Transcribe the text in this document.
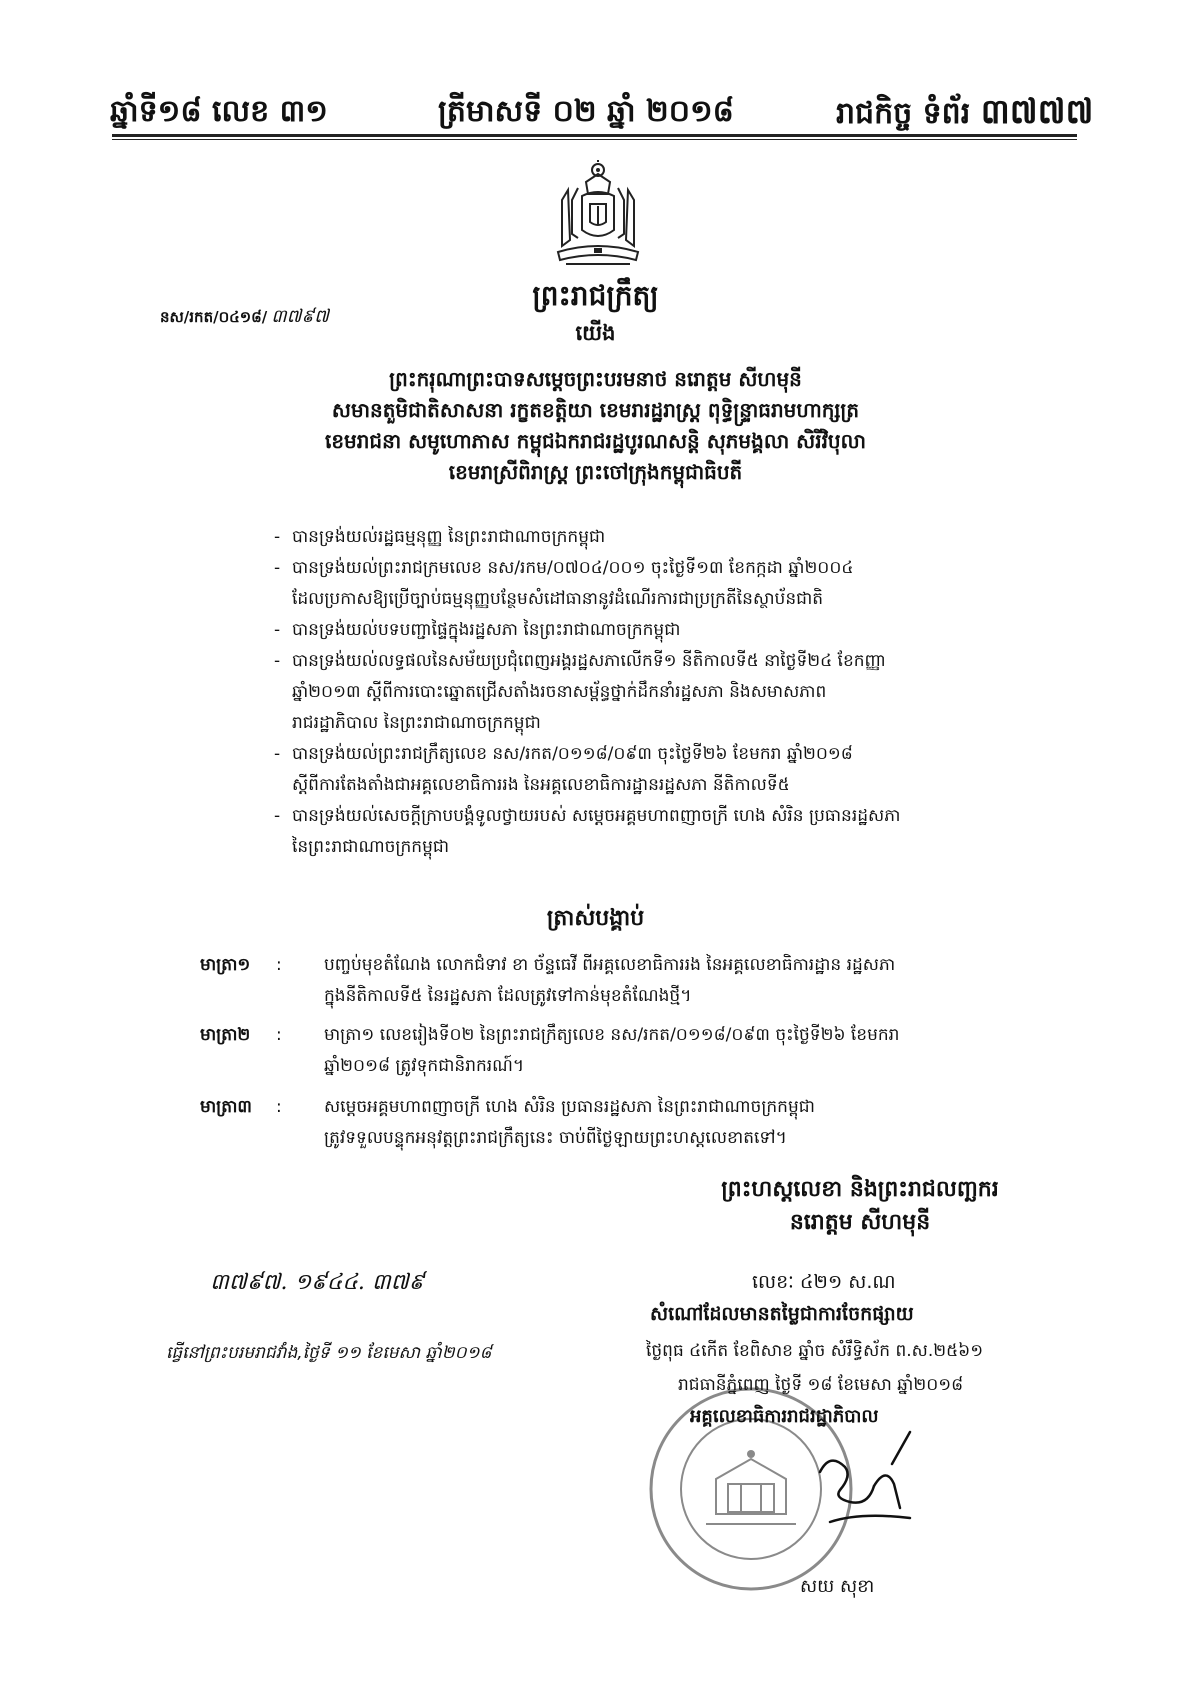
ឆ្នាំទី១៨ លេខ ៣១	ត្រីមាសទី ០២ ឆ្នាំ ២០១៨	រាជកិច្ច ទំព័រ ៣៧៧៧
នស/រកត/០៤១៨/ ៣៧៩៧
ព្រះរាជក្រឹត្យ
យើង
ព្រះករុណាព្រះបាទសម្តេចព្រះបរមនាថ នរោត្តម សីហមុនី
សមានតួមិជាតិសាសនា រក្ខតខត្តិយា ខេមរារដ្ឋរាស្ត្រ ពុទ្ធិន្ទ្រាធរាមហាក្សត្រ
ខេមរាជនា សមូហោភាស កម្ពុជឯករាជរដ្ឋបូរណសន្តិ សុភមង្គលា សិរីវិបុលា
ខេមរាស្រីពិរាស្ត្រ ព្រះចៅក្រុងកម្ពុជាធិបតី
- បានទ្រង់យល់រដ្ឋធម្មនុញ្ញ នៃព្រះរាជាណាចក្រកម្ពុជា
- បានទ្រង់យល់ព្រះរាជក្រមលេខ នស/រកម/០៧០៤/០០១ ចុះថ្ងៃទី១៣ ខែកក្កដា ឆ្នាំ២០០៤
ដែលប្រកាសឱ្យប្រើច្បាប់ធម្មនុញ្ញបន្ថែមសំដៅធានានូវដំណើរការជាប្រក្រតីនៃស្ថាប័នជាតិ
- បានទ្រង់យល់បទបញ្ជាផ្ទៃក្នុងរដ្ឋសភា នៃព្រះរាជាណាចក្រកម្ពុជា
- បានទ្រង់យល់លទ្ធផលនៃសម័យប្រជុំពេញអង្គរដ្ឋសភាលើកទី១ នីតិកាលទី៥ នាថ្ងៃទី២៤ ខែកញ្ញា
ឆ្នាំ២០១៣ ស្តីពីការបោះឆ្នោតជ្រើសតាំងរចនាសម្ព័ន្ធថ្នាក់ដឹកនាំរដ្ឋសភា និងសមាសភាព
រាជរដ្ឋាភិបាល នៃព្រះរាជាណាចក្រកម្ពុជា
- បានទ្រង់យល់ព្រះរាជក្រឹត្យលេខ នស/រកត/០១១៨/០៩៣ ចុះថ្ងៃទី២៦ ខែមករា ឆ្នាំ២០១៨
ស្តីពីការតែងតាំងជាអគ្គលេខាធិការរង នៃអគ្គលេខាធិការដ្ឋានរដ្ឋសភា នីតិកាលទី៥
- បានទ្រង់យល់សេចក្តីក្រាបបង្គំទូលថ្វាយរបស់ សម្តេចអគ្គមហាពញាចក្រី ហេង សំរិន ប្រធានរដ្ឋសភា
នៃព្រះរាជាណាចក្រកម្ពុជា
ត្រាស់បង្គាប់
មាត្រា១ : បញ្ចប់មុខតំណែង លោកជំទាវ ខា ច័ន្ទធេវី ពីអគ្គលេខាធិការរង នៃអគ្គលេខាធិការដ្ឋាន រដ្ឋសភា
ក្នុងនីតិកាលទី៥ នៃរដ្ឋសភា ដែលត្រូវទៅកាន់មុខតំណែងថ្មី។
មាត្រា២ : មាត្រា១ លេខរៀងទី០២ នៃព្រះរាជក្រឹត្យលេខ នស/រកត/០១១៨/០៩៣ ចុះថ្ងៃទី២៦ ខែមករា
ឆ្នាំ២០១៨ ត្រូវទុកជានិរាករណ៍។
មាត្រា៣ : សម្តេចអគ្គមហាពញាចក្រី ហេង សំរិន ប្រធានរដ្ឋសភា នៃព្រះរាជាណាចក្រកម្ពុជា
ត្រូវទទួលបន្ទុកអនុវត្តព្រះរាជក្រឹត្យនេះ ចាប់ពីថ្ងៃឡាយព្រះហស្តលេខាតទៅ។
ព្រះហស្តលេខា និងព្រះរាជលញ្ឆករ
នរោត្តម សីហមុនី
៣៧៩៧. ១៩៤៤. ៣៧៩	លេខៈ ៤២១ ស.ណ
សំណៅដែលមានតម្លៃជាការចែកផ្សាយ
ធ្វើនៅព្រះបរមរាជវាំង,ថ្ងៃទី ១១ ខែមេសា ឆ្នាំ២០១៨	ថ្ងៃពុធ ៤កើត ខែពិសាខ ឆ្នាំច សំរឹទ្ធិស័ក ព.ស.២៥៦១
រាជធានីភ្នំពេញ ថ្ងៃទី ១៨ ខែមេសា ឆ្នាំ២០១៨
អគ្គលេខាធិការរាជរដ្ឋាភិបាល
សយ សុខា
